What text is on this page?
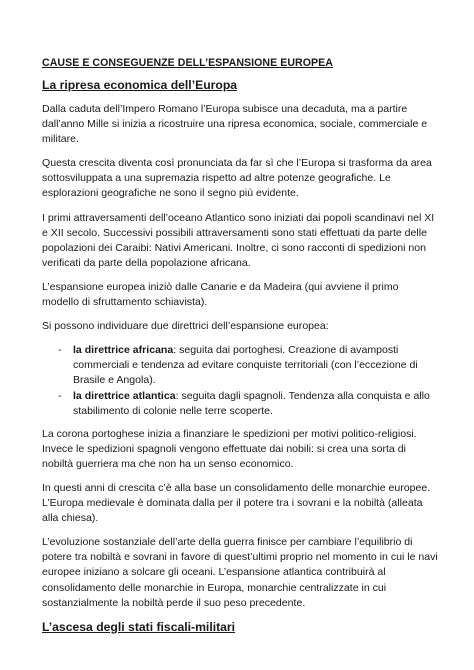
CAUSE E CONSEGUENZE DELL’ESPANSIONE EUROPEA
La ripresa economica dell’Europa

Dalla caduta dell’Impero Romano l’Europa subisce una decaduta, ma a partire dall’anno Mille si inizia a ricostruire una ripresa economica, sociale, commerciale e militare.

Questa crescita diventa così pronunciata da far sì che l’Europa si trasforma da area sottosviluppata a una supremazia rispetto ad altre potenze geografiche. Le esplorazioni geografiche ne sono il segno più evidente.

I primi attraversamenti dell’oceano Atlantico sono iniziati dai popoli scandinavi nel XI e XII secolo. Successivi possibili attraversamenti sono stati effettuati da parte delle popolazioni dei Caraibi: Nativi Americani. Inoltre, ci sono racconti di spedizioni non verificati da parte della popolazione africana.

L’espansione europea iniziò dalle Canarie e da Madeira (qui avviene il primo modello di sfruttamento schiavista).

Si possono individuare due direttrici dell’espansione europea:

- la direttrice africana: seguita dai portoghesi. Creazione di avamposti commerciali e tendenza ad evitare conquiste territoriali (con l’eccezione di Brasile e Angola).
- la direttrice atlantica: seguita dagli spagnoli. Tendenza alla conquista e allo stabilimento di colonie nelle terre scoperte.

La corona portoghese inizia a finanziare le spedizioni per motivi politico-religiosi. Invece le spedizioni spagnoli vengono effettuate dai nobili: si crea una sorta di nobiltà guerriera ma che non ha un senso economico.

In questi anni di crescita c’è alla base un consolidamento delle monarchie europee. L’Europa medievale è dominata dalla per il potere tra i sovrani e la nobiltà (alleata alla chiesa).

L’evoluzione sostanziale dell’arte della guerra finisce per cambiare l’equilibrio di potere tra nobiltà e sovrani in favore di quest’ultimi proprio nel momento in cui le navi europee iniziano a solcare gli oceani. L’espansione atlantica contribuirà al consolidamento delle monarchie in Europa, monarchie centralizzate in cui sostanzialmente la nobiltà perde il suo peso precedente.

L’ascesa degli stati fiscali-militari
